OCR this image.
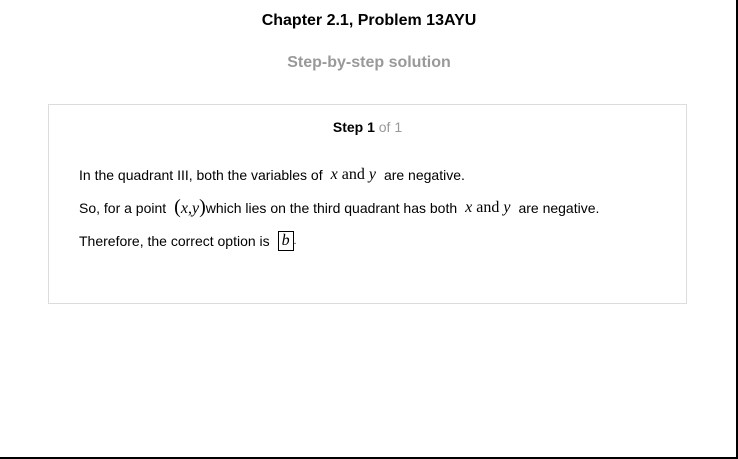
Chapter 2.1, Problem 13AYU
Step-by-step solution
Step 1 of 1
In the quadrant III, both the variables of x and y are negative.
So, for a point (x,y) which lies on the third quadrant has both x and y are negative.
Therefore, the correct option is b .
